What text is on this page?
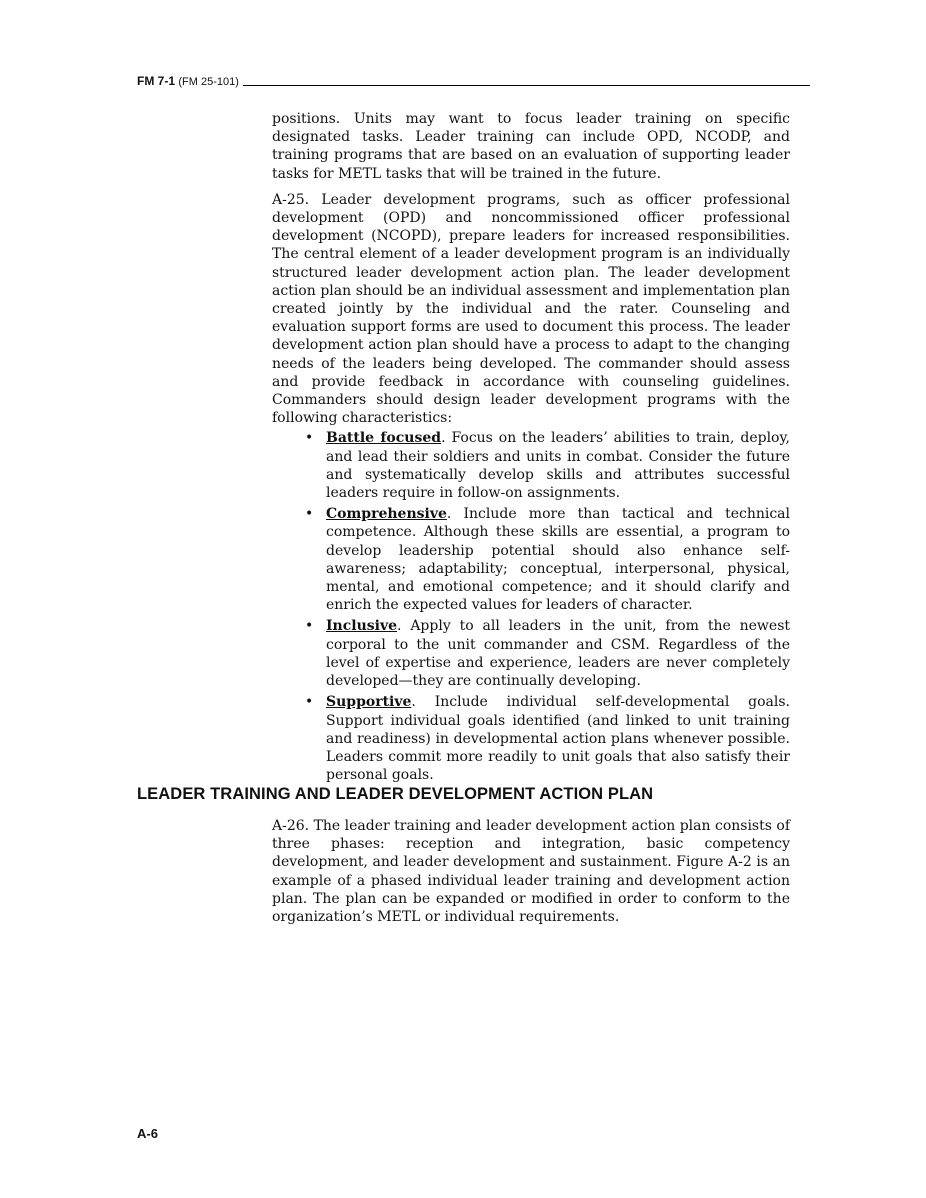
FM 7-1 (FM 25-101)

positions. Units may want to focus leader training on specific designated tasks. Leader training can include OPD, NCODP, and training programs that are based on an evaluation of supporting leader tasks for METL tasks that will be trained in the future.

A-25. Leader development programs, such as officer professional development (OPD) and noncommissioned officer professional development (NCOPD), prepare leaders for increased responsibilities. The central element of a leader development program is an individually structured leader development action plan. The leader development action plan should be an individual assessment and implementation plan created jointly by the individual and the rater. Counseling and evaluation support forms are used to document this process. The leader development action plan should have a process to adapt to the changing needs of the leaders being developed. The commander should assess and provide feedback in accordance with counseling guidelines. Commanders should design leader development programs with the following characteristics:

• Battle focused. Focus on the leaders’ abilities to train, deploy, and lead their soldiers and units in combat. Consider the future and systematically develop skills and attributes successful leaders require in follow-on assignments.
• Comprehensive. Include more than tactical and technical competence. Although these skills are essential, a program to develop leadership potential should also enhance self-awareness; adaptability; conceptual, interpersonal, physical, mental, and emotional competence; and it should clarify and enrich the expected values for leaders of character.
• Inclusive. Apply to all leaders in the unit, from the newest corporal to the unit commander and CSM. Regardless of the level of expertise and experience, leaders are never completely developed—they are continually developing.
• Supportive. Include individual self-developmental goals. Support individual goals identified (and linked to unit training and readiness) in developmental action plans whenever possible. Leaders commit more readily to unit goals that also satisfy their personal goals.
LEADER TRAINING AND LEADER DEVELOPMENT ACTION PLAN

A-26. The leader training and leader development action plan consists of three phases: reception and integration, basic competency development, and leader development and sustainment. Figure A-2 is an example of a phased individual leader training and development action plan. The plan can be expanded or modified in order to conform to the organization’s METL or individual requirements.

A-6
